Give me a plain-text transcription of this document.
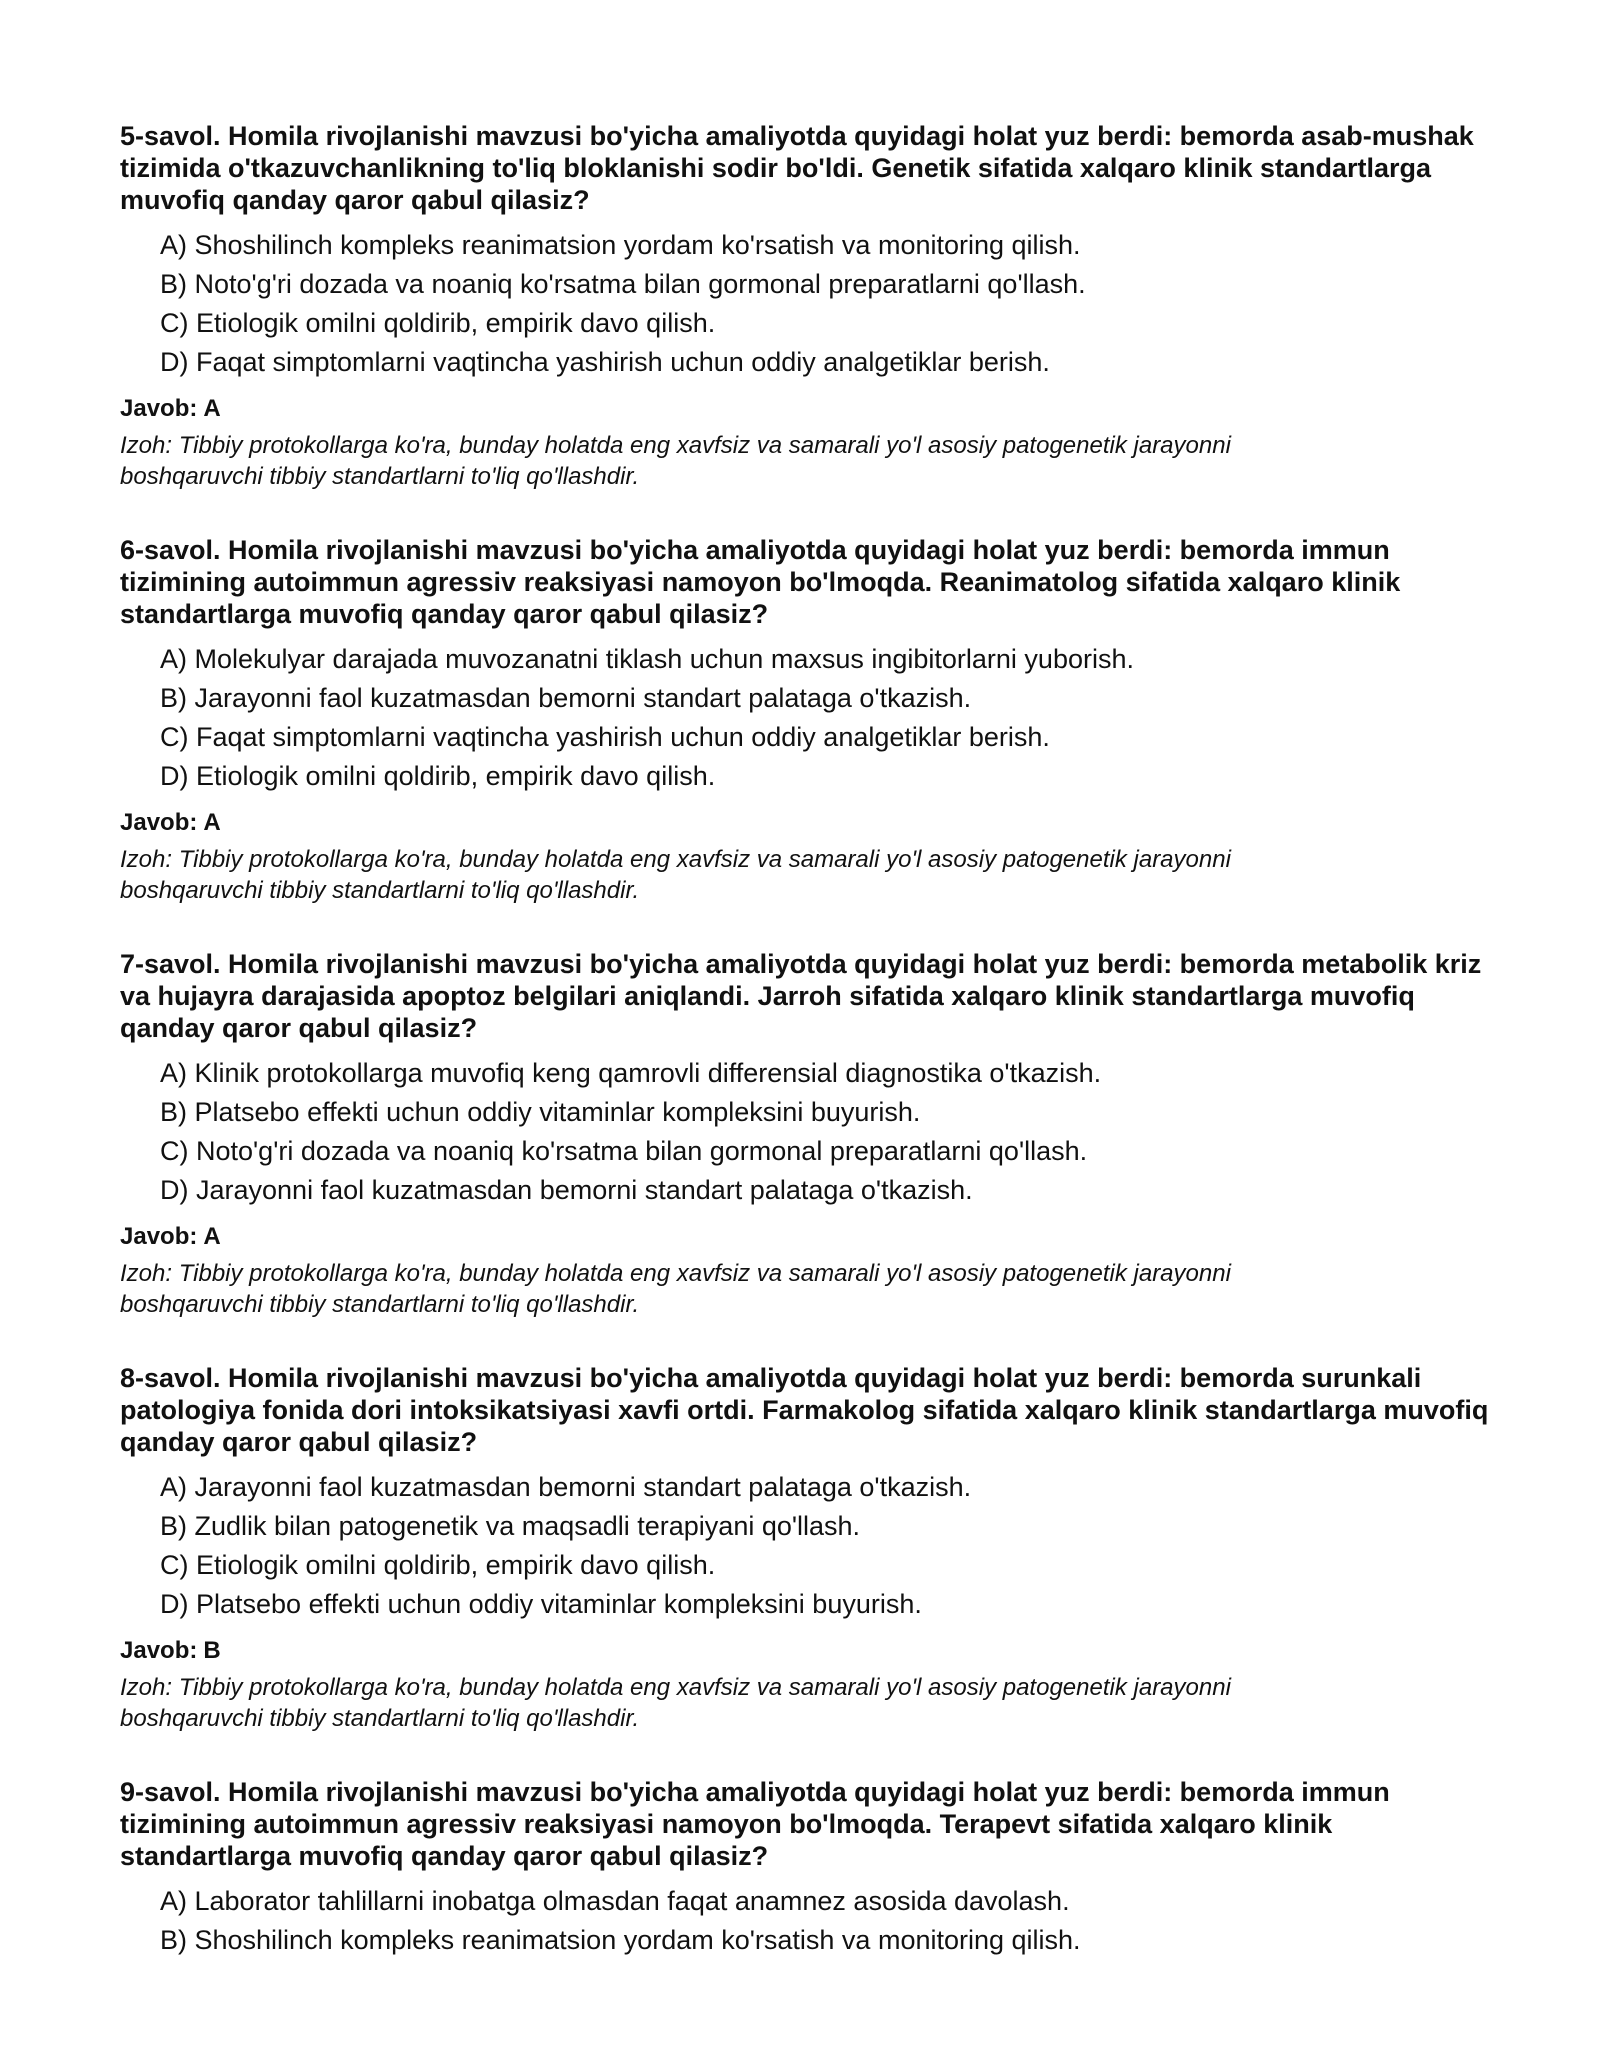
5-savol. Homila rivojlanishi mavzusi bo'yicha amaliyotda quyidagi holat yuz berdi: bemorda asab-mushak tizimida o'tkazuvchanlikning to'liq bloklanishi sodir bo'ldi. Genetik sifatida xalqaro klinik standartlarga muvofiq qanday qaror qabul qilasiz?
A) Shoshilinch kompleks reanimatsion yordam ko'rsatish va monitoring qilish.
B) Noto'g'ri dozada va noaniq ko'rsatma bilan gormonal preparatlarni qo'llash.
C) Etiologik omilni qoldirib, empirik davo qilish.
D) Faqat simptomlarni vaqtincha yashirish uchun oddiy analgetiklar berish.
Javob: A

Izoh: Tibbiy protokollarga ko'ra, bunday holatda eng xavfsiz va samarali yo'l asosiy patogenetik jarayonni boshqaruvchi tibbiy standartlarni to'liq qo'llashdir.

6-savol. Homila rivojlanishi mavzusi bo'yicha amaliyotda quyidagi holat yuz berdi: bemorda immun tizimining autoimmun agressiv reaksiyasi namoyon bo'lmoqda. Reanimatolog sifatida xalqaro klinik standartlarga muvofiq qanday qaror qabul qilasiz?
A) Molekulyar darajada muvozanatni tiklash uchun maxsus ingibitorlarni yuborish.
B) Jarayonni faol kuzatmasdan bemorni standart palataga o'tkazish.
C) Faqat simptomlarni vaqtincha yashirish uchun oddiy analgetiklar berish.
D) Etiologik omilni qoldirib, empirik davo qilish.
Javob: A

Izoh: Tibbiy protokollarga ko'ra, bunday holatda eng xavfsiz va samarali yo'l asosiy patogenetik jarayonni boshqaruvchi tibbiy standartlarni to'liq qo'llashdir.

7-savol. Homila rivojlanishi mavzusi bo'yicha amaliyotda quyidagi holat yuz berdi: bemorda metabolik kriz va hujayra darajasida apoptoz belgilari aniqlandi. Jarroh sifatida xalqaro klinik standartlarga muvofiq qanday qaror qabul qilasiz?
A) Klinik protokollarga muvofiq keng qamrovli differensial diagnostika o'tkazish.
B) Platsebo effekti uchun oddiy vitaminlar kompleksini buyurish.
C) Noto'g'ri dozada va noaniq ko'rsatma bilan gormonal preparatlarni qo'llash.
D) Jarayonni faol kuzatmasdan bemorni standart palataga o'tkazish.
Javob: A

Izoh: Tibbiy protokollarga ko'ra, bunday holatda eng xavfsiz va samarali yo'l asosiy patogenetik jarayonni boshqaruvchi tibbiy standartlarni to'liq qo'llashdir.

8-savol. Homila rivojlanishi mavzusi bo'yicha amaliyotda quyidagi holat yuz berdi: bemorda surunkali patologiya fonida dori intoksikatsiyasi xavfi ortdi. Farmakolog sifatida xalqaro klinik standartlarga muvofiq qanday qaror qabul qilasiz?
A) Jarayonni faol kuzatmasdan bemorni standart palataga o'tkazish.
B) Zudlik bilan patogenetik va maqsadli terapiyani qo'llash.
C) Etiologik omilni qoldirib, empirik davo qilish.
D) Platsebo effekti uchun oddiy vitaminlar kompleksini buyurish.
Javob: B

Izoh: Tibbiy protokollarga ko'ra, bunday holatda eng xavfsiz va samarali yo'l asosiy patogenetik jarayonni boshqaruvchi tibbiy standartlarni to'liq qo'llashdir.

9-savol. Homila rivojlanishi mavzusi bo'yicha amaliyotda quyidagi holat yuz berdi: bemorda immun tizimining autoimmun agressiv reaksiyasi namoyon bo'lmoqda. Terapevt sifatida xalqaro klinik standartlarga muvofiq qanday qaror qabul qilasiz?
A) Laborator tahlillarni inobatga olmasdan faqat anamnez asosida davolash.
B) Shoshilinch kompleks reanimatsion yordam ko'rsatish va monitoring qilish.
